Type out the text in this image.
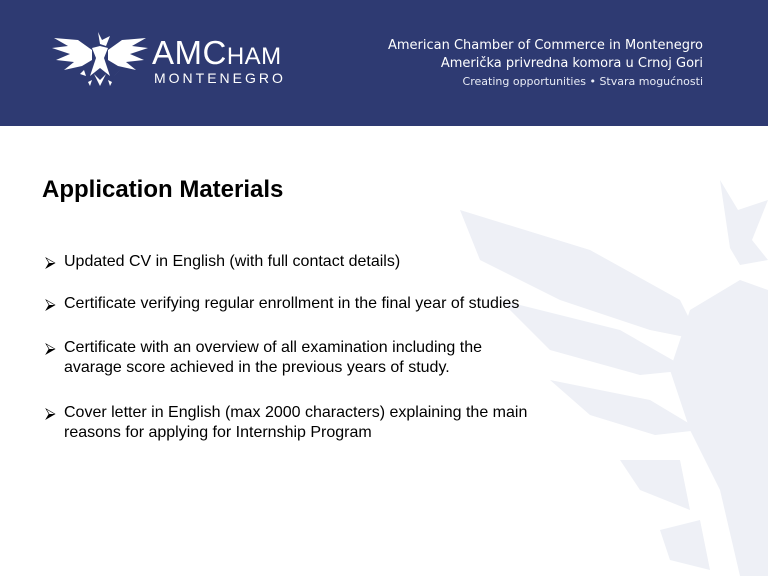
AMCHAM
MONTENEGRO
American Chamber of Commerce in Montenegro
Američka privredna komora u Crnoj Gori
Creating opportunities • Stvara mogućnosti
Application Materials
⮚ Updated CV in English (with full contact details)
⮚ Certificate verifying regular enrollment in the final year of studies
⮚ Certificate with an overview of all examination including the
avarage score achieved in the previous years of study.
⮚ Cover letter in English (max 2000 characters) explaining the main
reasons for applying for Internship Program
